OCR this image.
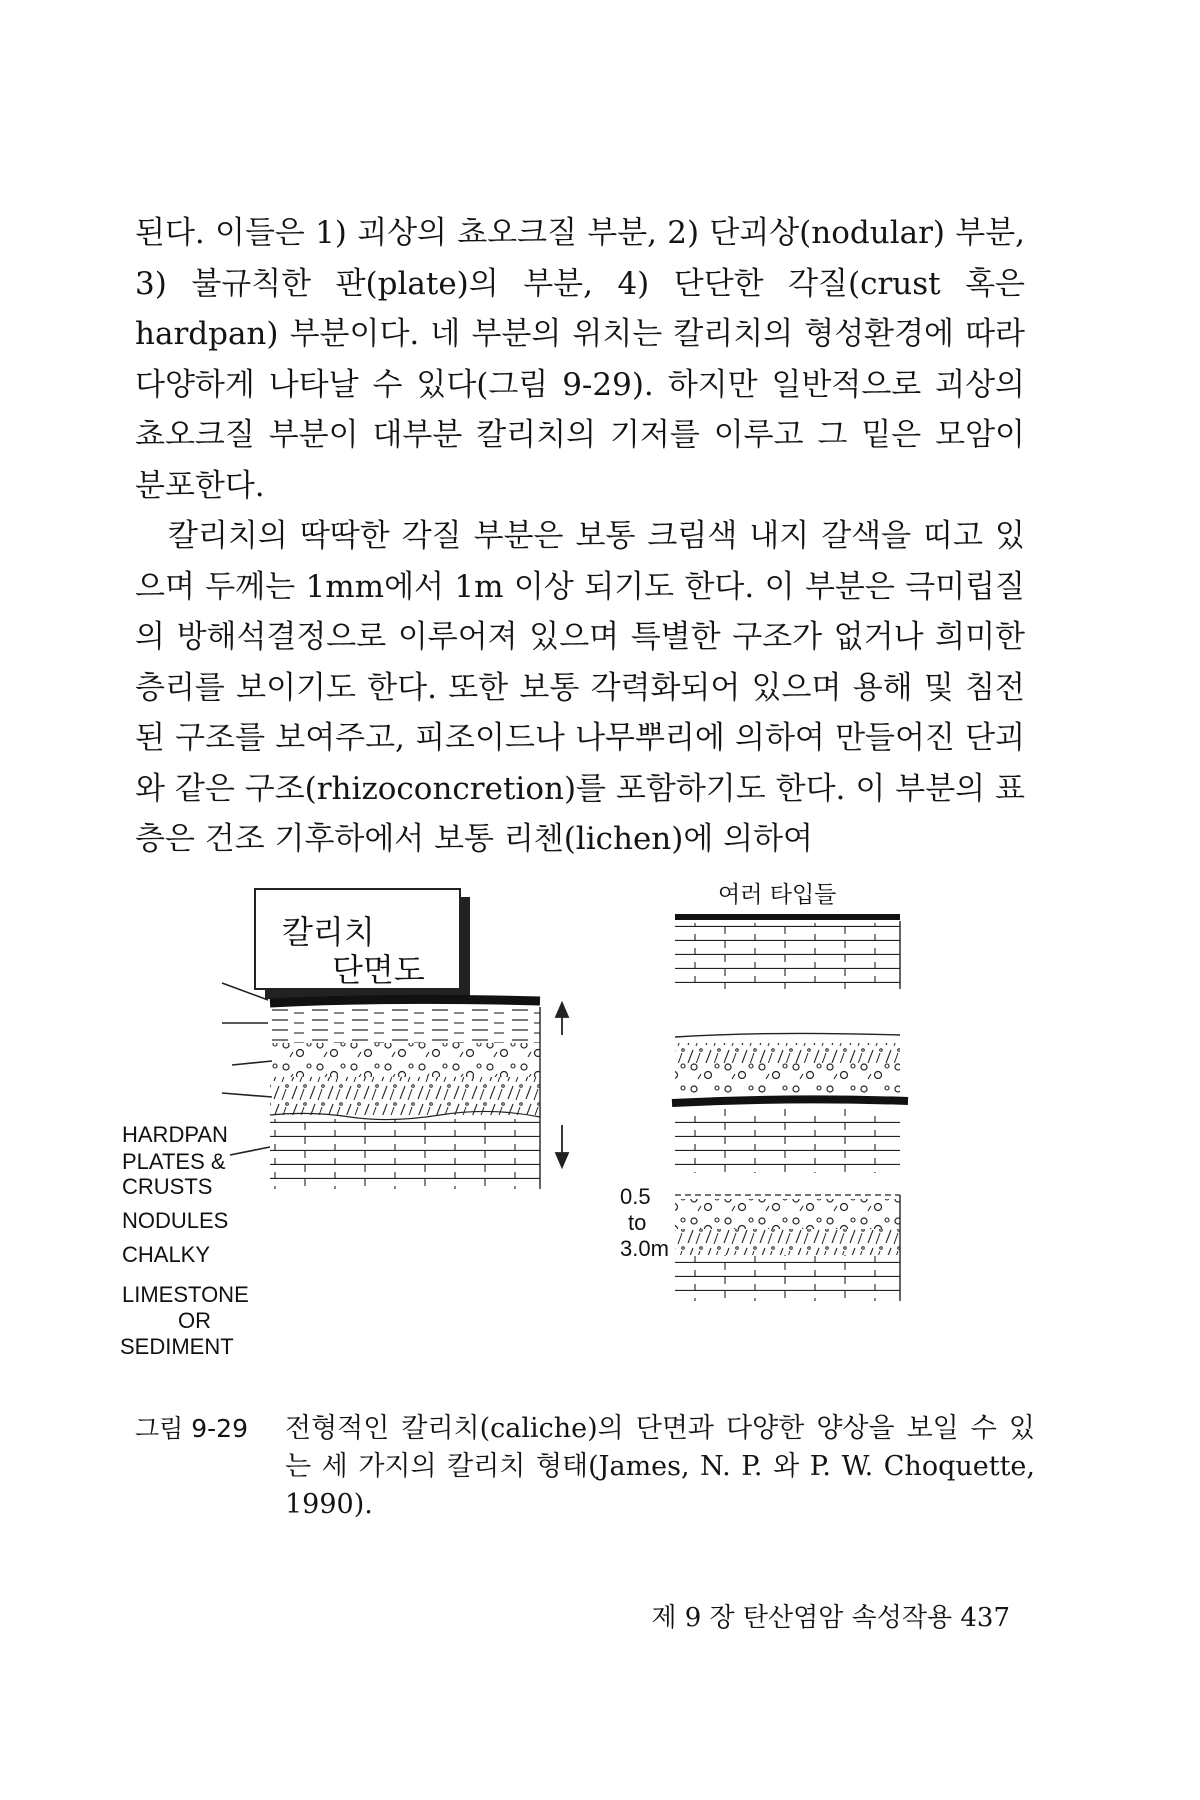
된다. 이들은 1) 괴상의 쵸오크질 부분, 2) 단괴상(nodular) 부분, 3) 불규칙한 판(plate)의 부분, 4) 단단한 각질(crust 혹은 hardpan) 부분이다. 네 부분의 위치는 칼리치의 형성환경에 따라 다양하게 나타날 수 있다(그림 9-29). 하지만 일반적으로 괴상의 쵸오크질 부분이 대부분 칼리치의 기저를 이루고 그 밑은 모암이 분포한다.

칼리치의 딱딱한 각질 부분은 보통 크림색 내지 갈색을 띠고 있으며 두께는 1mm에서 1m 이상 되기도 한다. 이 부분은 극미립질의 방해석결정으로 이루어져 있으며 특별한 구조가 없거나 희미한 층리를 보이기도 한다. 또한 보통 각력화되어 있으며 용해 및 침전된 구조를 보여주고, 피조이드나 나무뿌리에 의하여 만들어진 단괴와 같은 구조(rhizoconcretion)를 포함하기도 한다. 이 부분의 표층은 건조 기후하에서 보통 리첸(lichen)에 의하여

칼리치
단면도
여러 타입들
HARDPAN
PLATES &
CRUSTS
NODULES
CHALKY
LIMESTONE
OR
SEDIMENT
0.5
to
3.0m
그림 9-29 전형적인 칼리치(caliche)의 단면과 다양한 양상을 보일 수 있는 세 가지의 칼리치 형태(James, N. P. 와 P. W. Choquette, 1990).
제 9 장 탄산염암 속성작용 437
